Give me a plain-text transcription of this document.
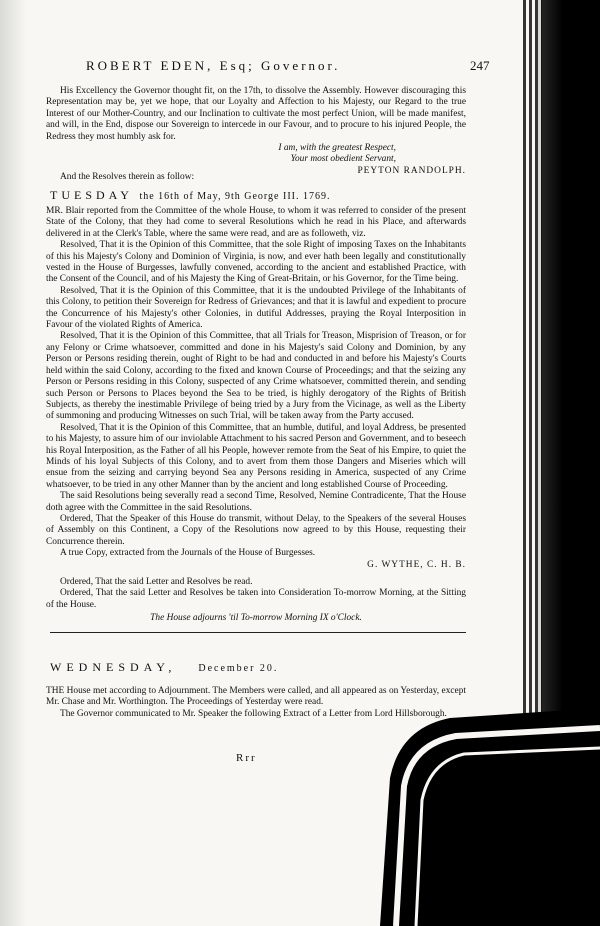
ROBERT EDEN, Esq; Governor.	247

His Excellency the Governor thought fit, on the 17th, to dissolve the Assembly. However discouraging this Representation may be, yet we hope, that our Loyalty and Affection to his Majesty, our Regard to the true Interest of our Mother-Country, and our Inclination to cultivate the most perfect Union, will be made manifest, and will, in the End, dispose our Sovereign to intercede in our Favour, and to procure to his injured People, the Redress they most humbly ask for.

I am, with the greatest Respect,

Your most obedient Servant,

PEYTON RANDOLPH.

And the Resolves therein as follow:

TUESDAY the 16th of May, 9th George III. 1769.

MR. Blair reported from the Committee of the whole House, to whom it was referred to consider of the present State of the Colony, that they had come to several Resolutions which he read in his Place, and afterwards delivered in at the Clerk's Table, where the same were read, and are as followeth, viz.

Resolved, That it is the Opinion of this Committee, that the sole Right of imposing Taxes on the Inhabitants of this his Majesty's Colony and Dominion of Virginia, is now, and ever hath been legally and constitutionally vested in the House of Burgesses, lawfully convened, according to the ancient and established Practice, with the Consent of the Council, and of his Majesty the King of Great-Britain, or his Governor, for the Time being.

Resolved, That it is the Opinion of this Committee, that it is the undoubted Privilege of the Inhabitants of this Colony, to petition their Sovereign for Redress of Grievances; and that it is lawful and expedient to procure the Concurrence of his Majesty's other Colonies, in dutiful Addresses, praying the Royal Interposition in Favour of the violated Rights of America.

Resolved, That it is the Opinion of this Committee, that all Trials for Treason, Misprision of Treason, or for any Felony or Crime whatsoever, committed and done in his Majesty's said Colony and Dominion, by any Person or Persons residing therein, ought of Right to be had and conducted in and before his Majesty's Courts held within the said Colony, according to the fixed and known Course of Proceedings; and that the seizing any Person or Persons residing in this Colony, suspected of any Crime whatsoever, committed therein, and sending such Person or Persons to Places beyond the Sea to be tried, is highly derogatory of the Rights of British Subjects, as thereby the inestimable Privilege of being tried by a Jury from the Vicinage, as well as the Liberty of summoning and producing Witnesses on such Trial, will be taken away from the Party accused.

Resolved, That it is the Opinion of this Committee, that an humble, dutiful, and loyal Address, be presented to his Majesty, to assure him of our inviolable Attachment to his sacred Person and Government, and to beseech his Royal Interposition, as the Father of all his People, however remote from the Seat of his Empire, to quiet the Minds of his loyal Subjects of this Colony, and to avert from them those Dangers and Miseries which will ensue from the seizing and carrying beyond Sea any Persons residing in America, suspected of any Crime whatsoever, to be tried in any other Manner than by the ancient and long established Course of Proceeding.

The said Resolutions being severally read a second Time, Resolved, Nemine Contradicente, That the House doth agree with the Committee in the said Resolutions.

Ordered, That the Speaker of this House do transmit, without Delay, to the Speakers of the several Houses of Assembly on this Continent, a Copy of the Resolutions now agreed to by this House, requesting their Concurrence therein.

A true Copy, extracted from the Journals of the House of Burgesses.

G. WYTHE, C. H. B.

Ordered, That the said Letter and Resolves be read.

Ordered, That the said Letter and Resolves be taken into Consideration To-morrow Morning, at the Sitting of the House.

The House adjourns 'til To-morrow Morning IX o'Clock.

WEDNESDAY, December 20.

THE House met according to Adjournment. The Members were called, and all appeared as on Yesterday, except Mr. Chase and Mr. Worthington. The Proceedings of Yesterday were read.

The Governor communicated to Mr. Speaker the following Extract of a Letter from Lord Hillsborough.

Rrr
